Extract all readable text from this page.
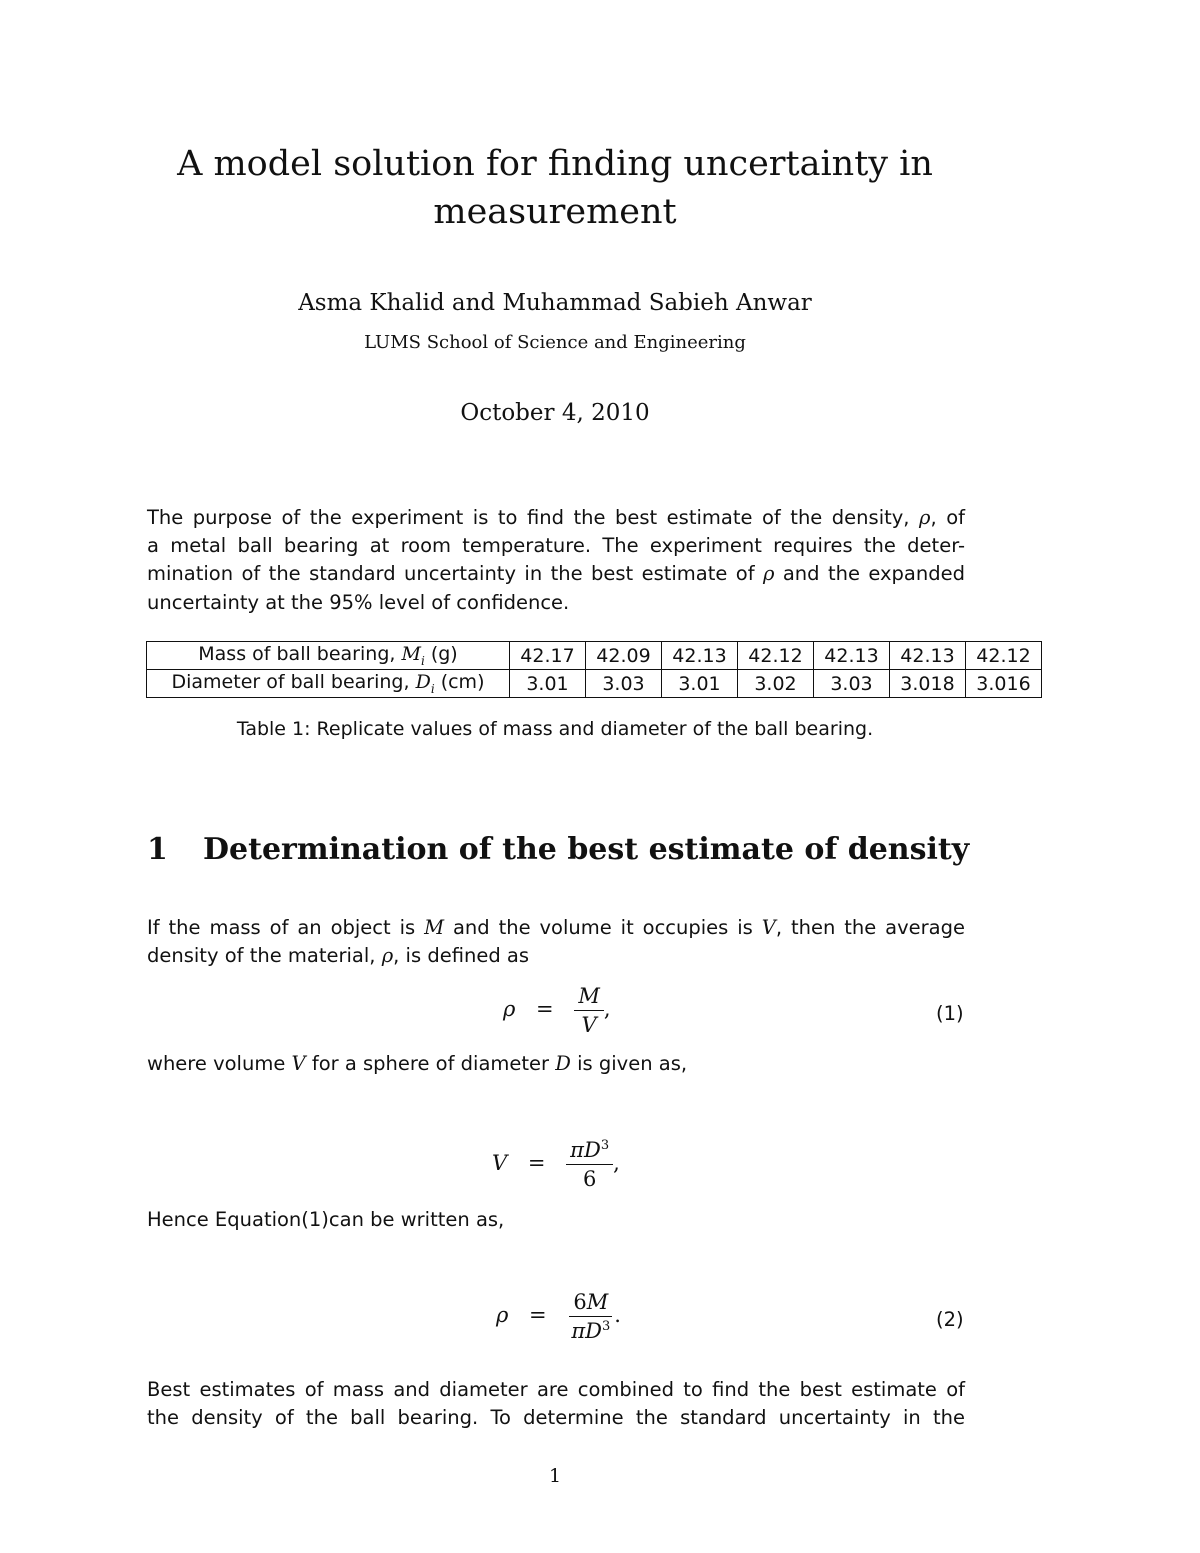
A model solution for finding uncertainty in
measurement
Asma Khalid and Muhammad Sabieh Anwar
LUMS School of Science and Engineering
October 4, 2010
The purpose of the experiment is to find the best estimate of the density, ρ, of
a metal ball bearing at room temperature. The experiment requires the deter-
mination of the standard uncertainty in the best estimate of ρ and the expanded
uncertainty at the 95% level of confidence.
Mass of ball bearing, $M_i$ (g)	42.17	42.09	42.13	42.12	42.13	42.13	42.12
Diameter of ball bearing, $D_i$ (cm)	3.01	3.03	3.01	3.02	3.03	3.018	3.016
Table 1: Replicate values of mass and diameter of the ball bearing.
1 Determination of the best estimate of density
If the mass of an object is M and the volume it occupies is V, then the average
density of the material, ρ, is defined as
$\rho = \frac{M}{V}$ ,	(1)
where volume V for a sphere of diameter D is given as,
$V = \frac{\pi D^3}{6}$ ,
Hence Equation(1)can be written as,
$\rho = \frac{6M}{\pi D^3}$ .	(2)
Best estimates of mass and diameter are combined to find the best estimate of
the density of the ball bearing. To determine the standard uncertainty in the
1
